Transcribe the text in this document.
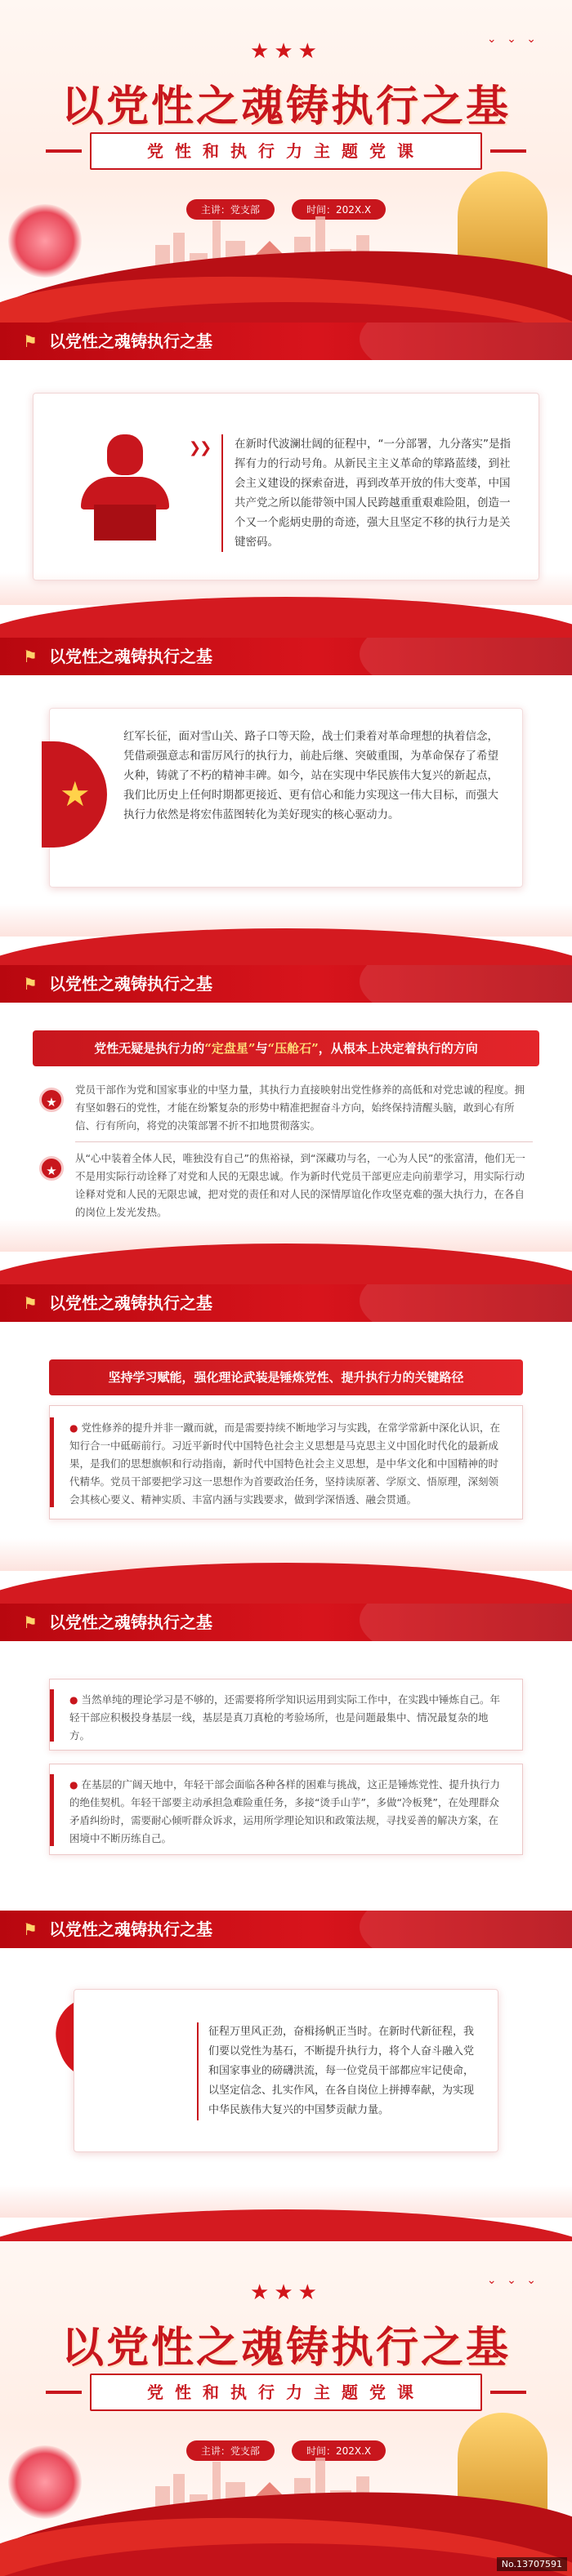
⌄ ⌄ ⌄
★★★
以党性之魂铸执行之基
党性和执行力主题党课
主讲：党支部	时间：202X.X
⚑ 以党性之魂铸执行之基
❯❯ 在新时代波澜壮阔的征程中，“一分部署，九分落实”是指挥有力的行动号角。从新民主主义革命的筚路蓝缕，到社会主义建设的探索奋进，再到改革开放的伟大变革，中国共产党之所以能带领中国人民跨越重重艰难险阻，创造一个又一个彪炳史册的奇迹，强大且坚定不移的执行力是关键密码。

⚑ 以党性之魂铸执行之基
★

红军长征，面对雪山关、路子口等天险，战士们秉着对革命理想的执着信念，凭借顽强意志和雷厉风行的执行力，前赴后继、突破重围，为革命保存了希望火种，铸就了不朽的精神丰碑。如今，站在实现中华民族伟大复兴的新起点，我们比历史上任何时期都更接近、更有信心和能力实现这一伟大目标，而强大执行力依然是将宏伟蓝图转化为美好现实的核心驱动力。

⚑ 以党性之魂铸执行之基
党性无疑是执行力的“定盘星”与“压舱石”，从根本上决定着执行的方向
★

党员干部作为党和国家事业的中坚力量，其执行力直接映射出党性修养的高低和对党忠诚的程度。拥有坚如磐石的党性，才能在纷繁复杂的形势中精准把握奋斗方向，始终保持清醒头脑，敢到心有所信、行有所向，将党的决策部署不折不扣地贯彻落实。

★

从“心中装着全体人民，唯独没有自己”的焦裕禄，到“深藏功与名，一心为人民”的张富清，他们无一不是用实际行动诠释了对党和人民的无限忠诚。作为新时代党员干部更应走向前辈学习，用实际行动诠释对党和人民的无限忠诚，把对党的责任和对人民的深情厚谊化作攻坚克难的强大执行力，在各自的岗位上发光发热。

⚑ 以党性之魂铸执行之基
坚持学习赋能，强化理论武装是锤炼党性、提升执行力的关键路径

● 党性修养的提升并非一蹴而就，而是需要持续不断地学习与实践，在常学常新中深化认识，在知行合一中砥砺前行。习近平新时代中国特色社会主义思想是马克思主义中国化时代化的最新成果，是我们的思想旗帜和行动指南，新时代中国特色社会主义思想，是中华文化和中国精神的时代精华。党员干部要把学习这一思想作为首要政治任务，坚持读原著、学原文、悟原理，深刻领会其核心要义、精神实质、丰富内涵与实践要求，做到学深悟透、融会贯通。

⚑ 以党性之魂铸执行之基

● 当然单纯的理论学习是不够的，还需要将所学知识运用到实际工作中，在实践中锤炼自己。年轻干部应积极投身基层一线，基层是真刀真枪的考验场所，也是问题最集中、情况最复杂的地方。

● 在基层的广阔天地中，年轻干部会面临各种各样的困难与挑战，这正是锤炼党性、提升执行力的绝佳契机。年轻干部要主动承担急难险重任务，多接“烫手山芋”，多做“冷板凳”，在处理群众矛盾纠纷时，需要耐心倾听群众诉求，运用所学理论知识和政策法规，寻找妥善的解决方案，在困境中不断历练自己。

⚑ 以党性之魂铸执行之基

征程万里风正劲，奋楫扬帆正当时。在新时代新征程，我们要以党性为基石，不断提升执行力，将个人奋斗融入党和国家事业的磅礴洪流，每一位党员干部都应牢记使命，以坚定信念、扎实作风，在各自岗位上拼搏奉献，为实现中华民族伟大复兴的中国梦贡献力量。

⌄ ⌄ ⌄
★★★
以党性之魂铸执行之基
党性和执行力主题党课
主讲：党支部	时间：202X.X
No.13707591
